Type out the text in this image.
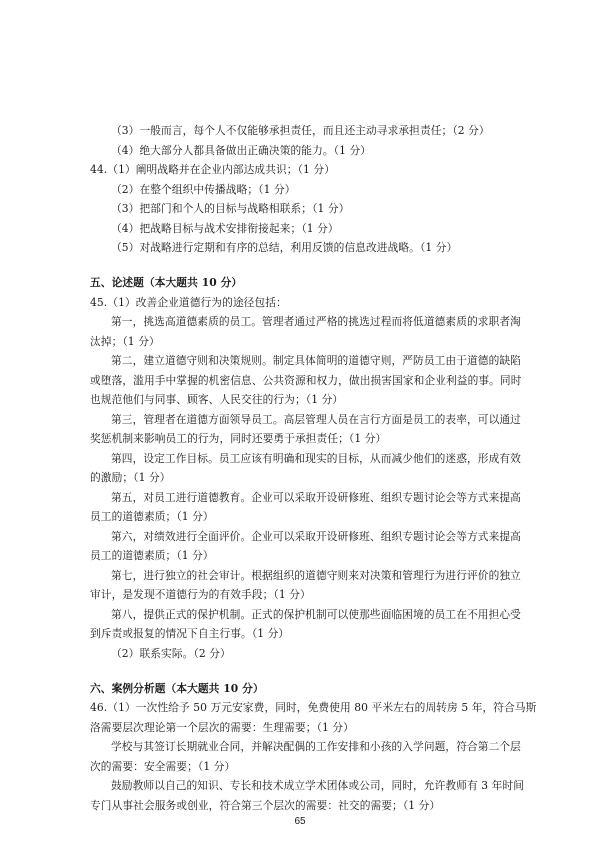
（3）一般而言，每个人不仅能够承担责任，而且还主动寻求承担责任；（2 分）
（4）绝大部分人都具备做出正确决策的能力。（1 分）
44.（1）阐明战略并在企业内部达成共识；（1 分）
（2）在整个组织中传播战略；（1 分）
（3）把部门和个人的目标与战略相联系；（1 分）
（4）把战略目标与战术安排衔接起来；（1 分）
（5）对战略进行定期和有序的总结，利用反馈的信息改进战略。（1 分）
五、论述题（本大题共 10 分）
45.（1）改善企业道德行为的途径包括：
第一，挑选高道德素质的员工。管理者通过严格的挑选过程而将低道德素质的求职者淘
汰掉；（1 分）
第二，建立道德守则和决策规则。制定具体简明的道德守则，严防员工由于道德的缺陷
或堕落，滥用手中掌握的机密信息、公共资源和权力，做出损害国家和企业利益的事。同时
也规范他们与同事、顾客、人民交往的行为；（1 分）
第三，管理者在道德方面领导员工。高层管理人员在言行方面是员工的表率，可以通过
奖惩机制来影响员工的行为，同时还要勇于承担责任；（1 分）
第四，设定工作目标。员工应该有明确和现实的目标，从而减少他们的迷惑，形成有效
的激励；（1 分）
第五，对员工进行道德教育。企业可以采取开设研修班、组织专题讨论会等方式来提高
员工的道德素质；（1 分）
第六，对绩效进行全面评价。企业可以采取开设研修班、组织专题讨论会等方式来提高
员工的道德素质；（1 分）
第七，进行独立的社会审计。根据组织的道德守则来对决策和管理行为进行评价的独立
审计，是发现不道德行为的有效手段；（1 分）
第八，提供正式的保护机制。正式的保护机制可以使那些面临困境的员工在不用担心受
到斥责或报复的情况下自主行事。（1 分）
（2）联系实际。（2 分）
六、案例分析题（本大题共 10 分）
46.（1）一次性给予 50 万元安家费，同时，免费使用 80 平米左右的周转房 5 年，符合马斯
洛需要层次理论第一个层次的需要：生理需要；（1 分）
学校与其签订长期就业合同，并解决配偶的工作安排和小孩的入学问题，符合第二个层
次的需要：安全需要；（1 分）
鼓励教师以自己的知识、专长和技术成立学术团体或公司，同时，允许教师有 3 年时间
专门从事社会服务或创业，符合第三个层次的需要：社交的需要；（1 分）
65
